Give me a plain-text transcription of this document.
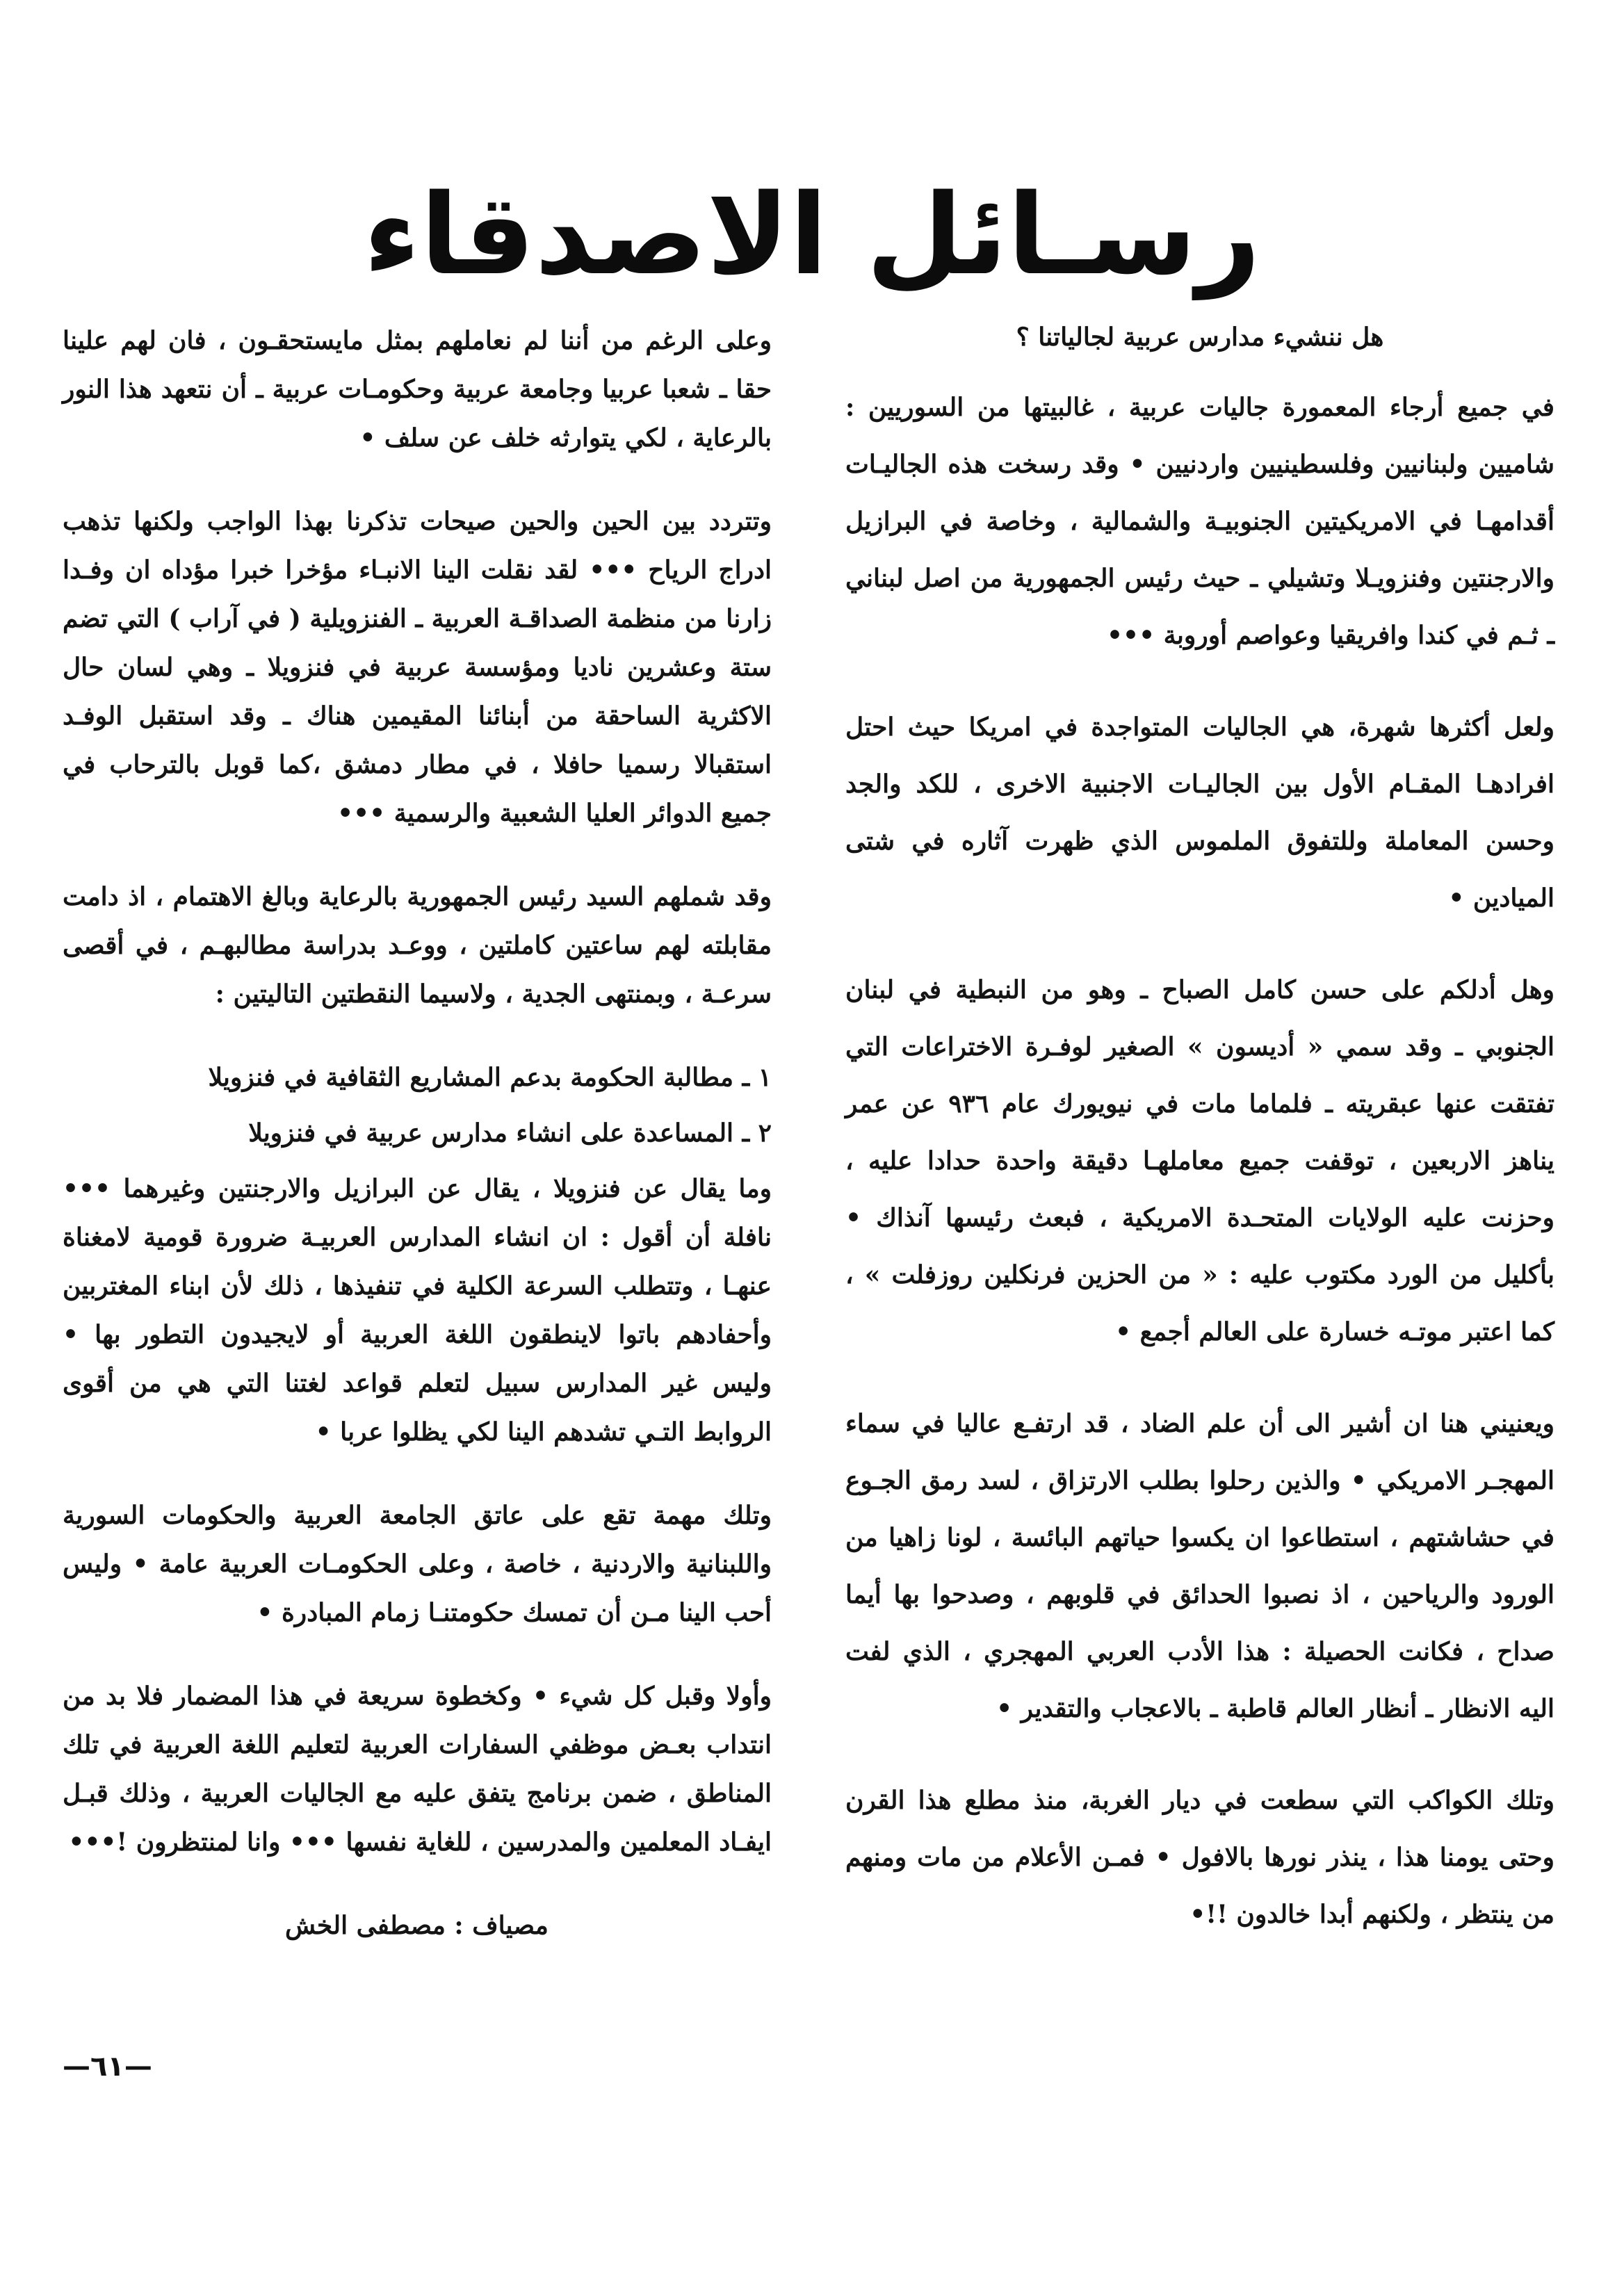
رسـائل الاصدقاء

هل ننشيء مدارس عربية لجالياتنا ؟

في جميع أرجاء المعمورة جاليات عربية ، غالبيتها من السوريين : شاميين ولبنانيين وفلسطينيين واردنيين • وقد رسخت هذه الجاليـات أقدامهـا في الامريكيتين الجنوبيـة والشمالية ، وخاصة في البرازيل والارجنتين وفنزويـلا وتشيلي ـ حيث رئيس الجمهورية من اصل لبناني ـ ثـم في كندا وافريقيا وعواصم أوروبة •••

ولعل أكثرها شهرة، هي الجاليات المتواجدة في امريكا حيث احتل افرادهـا المقـام الأول بين الجاليـات الاجنبية الاخرى ، للكد والجد وحسن المعاملة وللتفوق الملموس الذي ظهرت آثاره في شتى الميادين •

وهل أدلكم على حسن كامل الصباح ـ وهو من النبطية في لبنان الجنوبي ـ وقد سمي « أديسون » الصغير لوفـرة الاختراعات التي تفتقت عنها عبقريته ـ فلماما مات في نيويورك عام ٩٣٦ عن عمر يناهز الاربعين ، توقفت جميع معاملهـا دقيقة واحدة حدادا عليه ، وحزنت عليه الولايات المتحـدة الامريكية ، فبعث رئيسها آنذاك • بأكليل من الورد مكتوب عليه : « من الحزين فرنكلين روزفلت » ، كما اعتبر موتـه خسارة على العالم أجمع •

ويعنيني هنا ان أشير الى أن علم الضاد ، قد ارتفـع عاليا في سماء المهجـر الامريكي • والذين رحلوا بطلب الارتزاق ، لسد رمق الجـوع في حشاشتهم ، استطاعوا ان يكسوا حياتهم البائسة ، لونا زاهيا من الورود والرياحين ، اذ نصبوا الحدائق في قلوبهم ، وصدحوا بها أيما صداح ، فكانت الحصيلة : هذا الأدب العربي المهجري ، الذي لفت اليه الانظار ـ أنظار العالم قاطبة ـ بالاعجاب والتقدير •

وتلك الكواكب التي سطعت في ديار الغربة، منذ مطلع هذا القرن وحتى يومنا هذا ، ينذر نورها بالافول • فمـن الأعلام من مات ومنهم من ينتظر ، ولكنهم أبدا خالدون !!•

وعلى الرغم من أننا لم نعاملهم بمثل مايستحقـون ، فان لهم علينا حقا ـ شعبا عربيا وجامعة عربية وحكومـات عربية ـ أن نتعهد هذا النور بالرعاية ، لكي يتوارثه خلف عن سلف •

وتتردد بين الحين والحين صيحات تذكرنا بهذا الواجب ولكنها تذهب ادراج الرياح ••• لقد نقلت الينا الانبـاء مؤخرا خبرا مؤداه ان وفـدا زارنا من منظمة الصداقـة العربية ـ الفنزويلية ( في آراب ) التي تضم ستة وعشرين ناديا ومؤسسة عربية في فنزويلا ـ وهي لسان حال الاكثرية الساحقة من أبنائنا المقيمين هناك ـ وقد استقبل الوفـد استقبالا رسميا حافلا ، في مطار دمشق ،كما قوبل بالترحاب في جميع الدوائر العليا الشعبية والرسمية •••

وقد شملهم السيد رئيس الجمهورية بالرعاية وبالغ الاهتمام ، اذ دامت مقابلته لهم ساعتين كاملتين ، ووعـد بدراسة مطالبهـم ، في أقصى سرعـة ، وبمنتهى الجدية ، ولاسيما النقطتين التاليتين :

١ ـ مطالبة الحكومة بدعم المشاريع الثقافية في فنزويلا

٢ ـ المساعدة على انشاء مدارس عربية في فنزويلا

وما يقال عن فنزويلا ، يقال عن البرازيل والارجنتين وغيرهما ••• نافلة أن أقول : ان انشاء المدارس العربيـة ضرورة قومية لامغناة عنهـا ، وتتطلب السرعة الكلية في تنفيذها ، ذلك لأن ابناء المغتربين وأحفادهم باتوا لاينطقون اللغة العربية أو لايجيدون التطور بها • وليس غير المدارس سبيل لتعلم قواعد لغتنا التي هي من أقوى الروابط التـي تشدهم الينا لكي يظلوا عربا •

وتلك مهمة تقع على عاتق الجامعة العربية والحكومات السورية واللبنانية والاردنية ، خاصة ، وعلى الحكومـات العربية عامة • وليس أحب الينا مـن أن تمسك حكومتنـا زمام المبادرة •

وأولا وقبل كل شيء • وكخطوة سريعة في هذا المضمار فلا بد من انتداب بعـض موظفي السفارات العربية لتعليم اللغة العربية في تلك المناطق ، ضمن برنامج يتفق عليه مع الجاليات العربية ، وذلك قبـل ايفـاد المعلمين والمدرسين ، للغاية نفسها ••• وانا لمنتظرون !•••

مصياف : مصطفى الخش

—٦١—
